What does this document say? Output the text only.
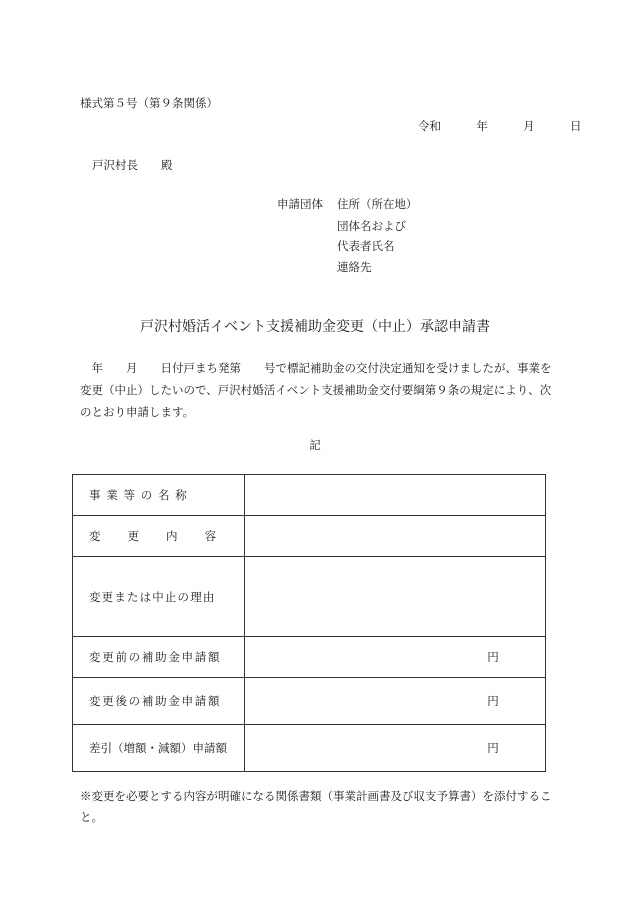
様式第５号（第９条関係）
令和	年	月	日
戸沢村長　　殿
申請団体 住所（所在地）
団体名および
代表者氏名
連絡先
戸沢村婚活イベント支援補助金変更（中止）承認申請書
　年　　月　　日付戸まち発第　　号で標記補助金の交付決定通知を受けましたが、事業を変更（中止）したいので、戸沢村婚活イベント支援補助金交付要綱第９条の規定により、次のとおり申請します。
記
事業等の名称	
変更内容	
変更または中止の理由	
変更前の補助金申請額	円
変更後の補助金申請額	円
差引（増額・減額）申請額	円
※変更を必要とする内容が明確になる関係書類（事業計画書及び収支予算書）を添付すること。
